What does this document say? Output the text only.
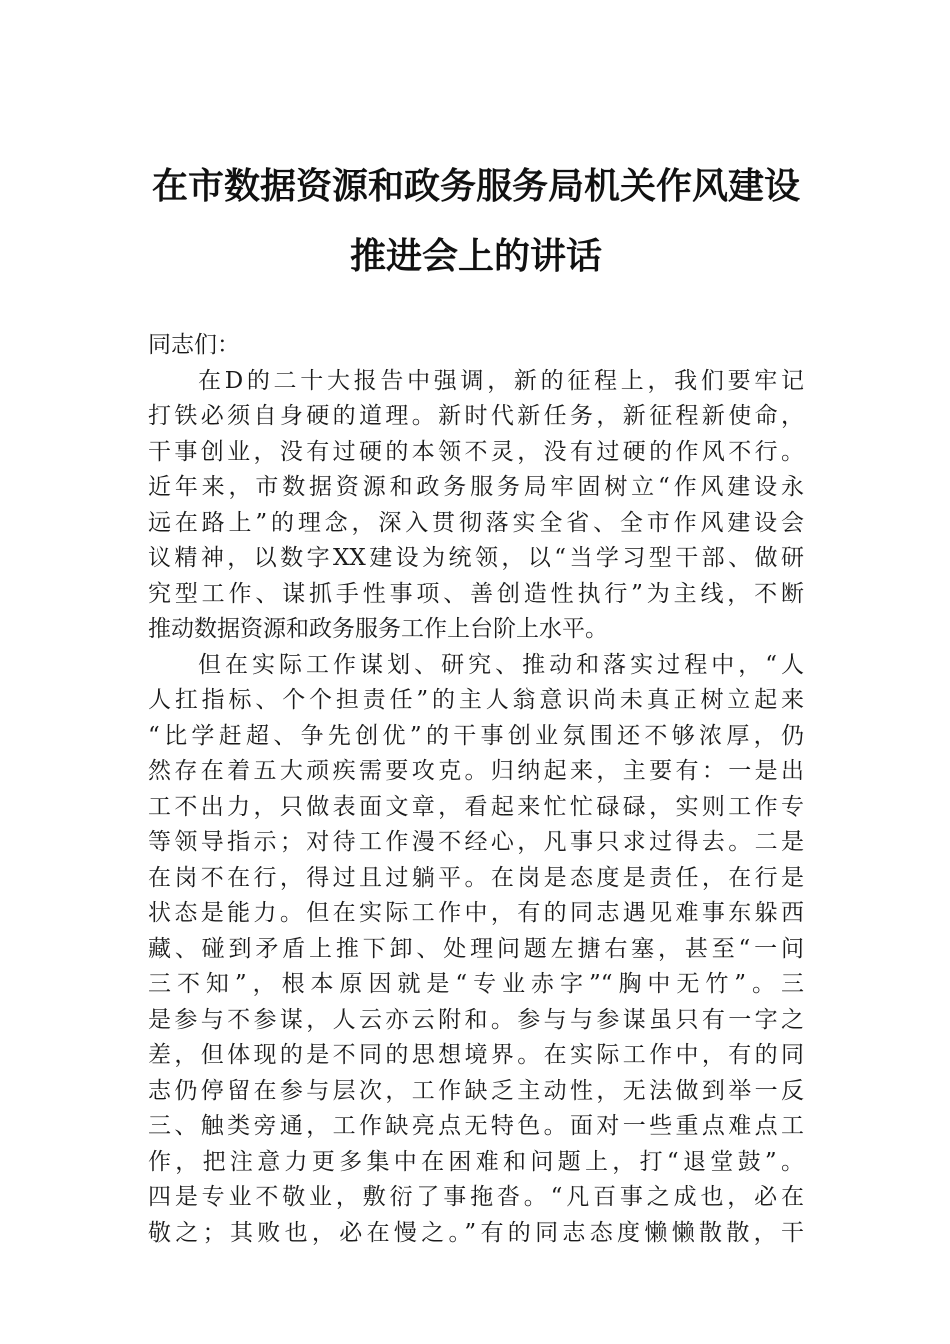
在市数据资源和政务服务局机关作风建设
推进会上的讲话
同志们：
在D的二十大报告中强调，新的征程上，我们要牢记
打铁必须自身硬的道理。新时代新任务，新征程新使命，
干事创业，没有过硬的本领不灵，没有过硬的作风不行。
近年来，市数据资源和政务服务局牢固树立“作风建设永
远在路上”的理念，深入贯彻落实全省、全市作风建设会
议精神，以数字XX建设为统领，以“当学习型干部、做研
究型工作、谋抓手性事项、善创造性执行”为主线，不断
推动数据资源和政务服务工作上台阶上水平。
但在实际工作谋划、研究、推动和落实过程中，“人
人扛指标、个个担责任”的主人翁意识尚未真正树立起来
“比学赶超、争先创优”的干事创业氛围还不够浓厚，仍
然存在着五大顽疾需要攻克。归纳起来，主要有：一是出
工不出力，只做表面文章，看起来忙忙碌碌，实则工作专
等领导指示；对待工作漫不经心，凡事只求过得去。二是
在岗不在行，得过且过躺平。在岗是态度是责任，在行是
状态是能力。但在实际工作中，有的同志遇见难事东躲西
藏、碰到矛盾上推下卸、处理问题左搪右塞，甚至“一问
三不知”，根本原因就是“专业赤字”“胸中无竹”。三
是参与不参谋，人云亦云附和。参与与参谋虽只有一字之
差，但体现的是不同的思想境界。在实际工作中，有的同
志仍停留在参与层次，工作缺乏主动性，无法做到举一反
三、触类旁通，工作缺亮点无特色。面对一些重点难点工
作，把注意力更多集中在困难和问题上，打“退堂鼓”。
四是专业不敬业，敷衍了事拖沓。“凡百事之成也，必在
敬之；其败也，必在慢之。”有的同志态度懒懒散散，干
